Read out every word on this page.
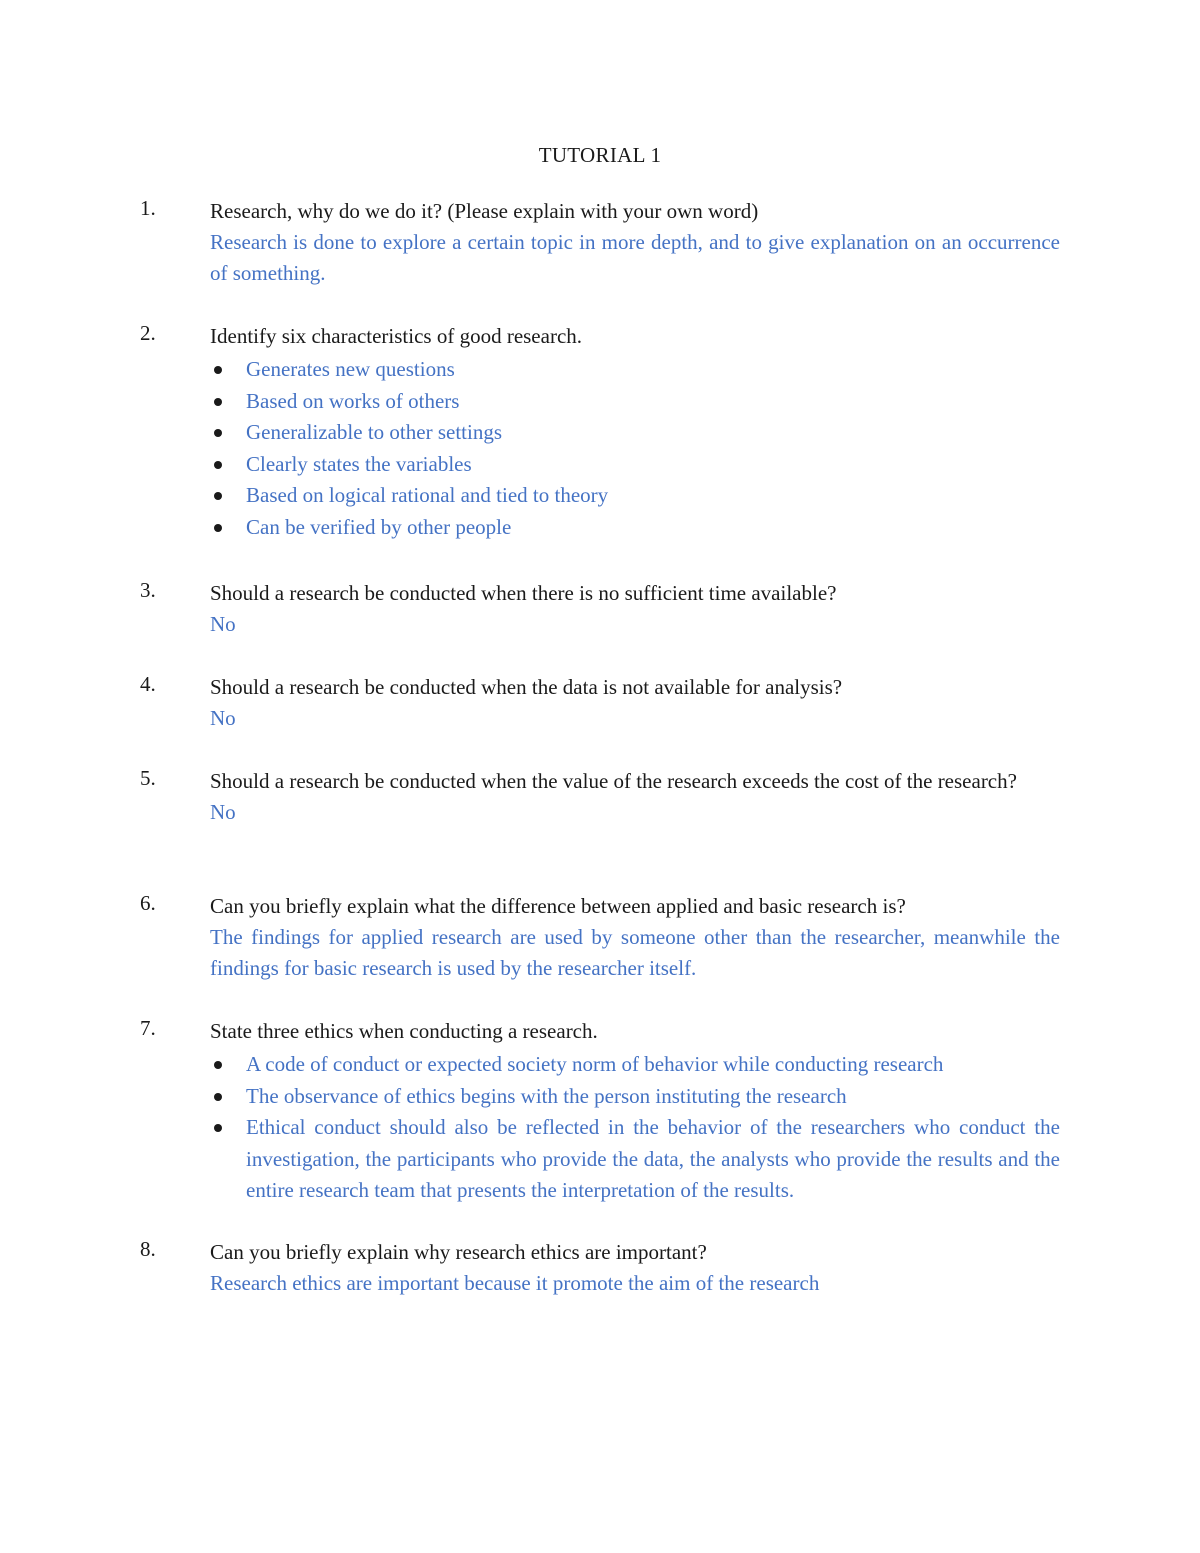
TUTORIAL 1
1.	Research, why do we do it? (Please explain with your own word)
Research is done to explore a certain topic in more depth, and to give explanation on an occurrence of something.
2.	Identify six characteristics of good research.
Generates new questions
Based on works of others
Generalizable to other settings
Clearly states the variables
Based on logical rational and tied to theory
Can be verified by other people
3.	Should a research be conducted when there is no sufficient time available?
No
4.	Should a research be conducted when the data is not available for analysis?
No
5.	Should a research be conducted when the value of the research exceeds the cost of the research?
No
6.	Can you briefly explain what the difference between applied and basic research is?
The findings for applied research are used by someone other than the researcher, meanwhile the findings for basic research is used by the researcher itself.
7.	State three ethics when conducting a research.
A code of conduct or expected society norm of behavior while conducting research
The observance of ethics begins with the person instituting the research
Ethical conduct should also be reflected in the behavior of the researchers who conduct the investigation, the participants who provide the data, the analysts who provide the results and the entire research team that presents the interpretation of the results.
8.	Can you briefly explain why research ethics are important?
Research ethics are important because it promote the aim of the research
